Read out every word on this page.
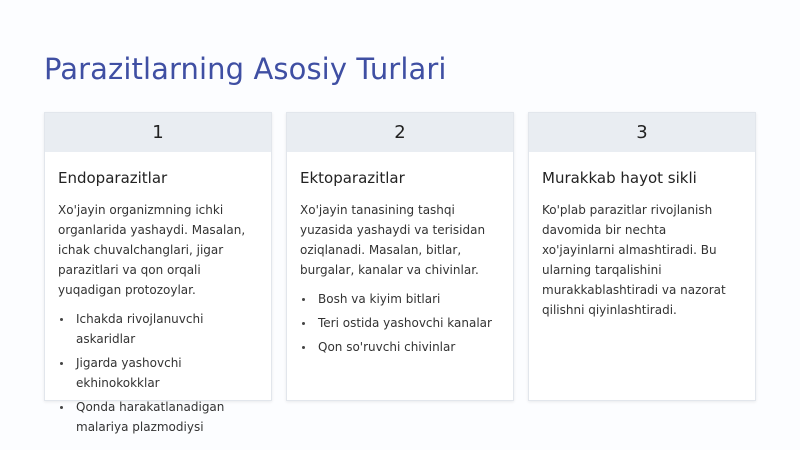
Parazitlarning Asosiy Turlari
1
Endoparazitlar

Xo'jayin organizmning ichki organlarida yashaydi. Masalan, ichak chuvalchanglari, jigar parazitlari va qon orqali yuqadigan protozoylar.

Ichakda rivojlanuvchi askaridlar
Jigarda yashovchi ekhinokokklar
Qonda harakatlanadigan malariya plazmodiysi
2
Ektoparazitlar

Xo'jayin tanasining tashqi yuzasida yashaydi va terisidan oziqlanadi. Masalan, bitlar, burgalar, kanalar va chivinlar.

Bosh va kiyim bitlari
Teri ostida yashovchi kanalar
Qon so'ruvchi chivinlar
3
Murakkab hayot sikli

Ko'plab parazitlar rivojlanish davomida bir nechta xo'jayinlarni almashtiradi. Bu ularning tarqalishini murakkablashtiradi va nazorat qilishni qiyinlashtiradi.
